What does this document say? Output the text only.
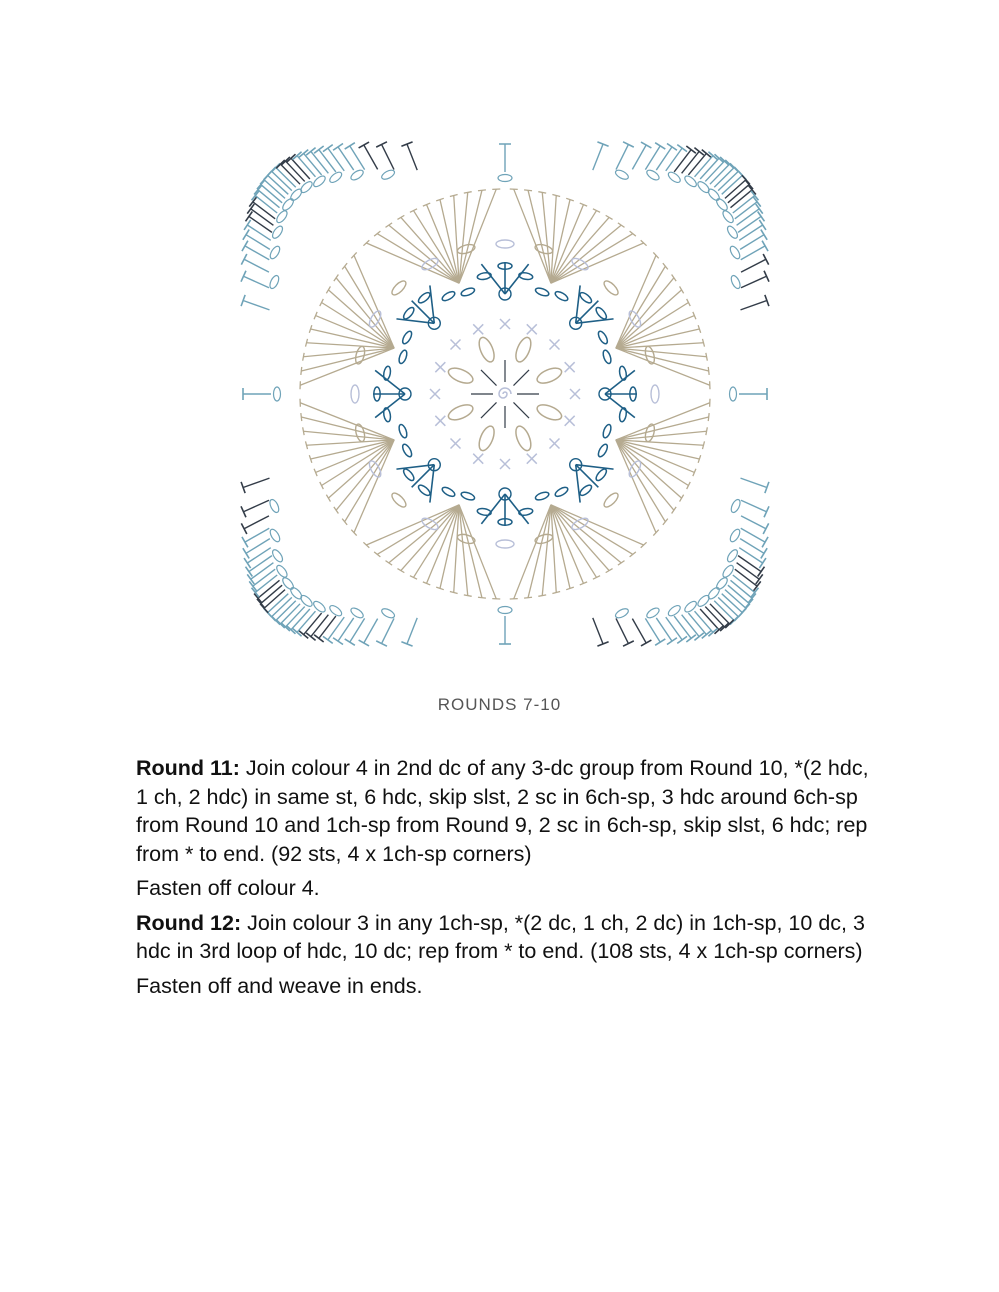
ROUNDS 7-10

Round 11: Join colour 4 in 2nd dc of any 3-dc group from Round 10, *(2 hdc, 1 ch, 2 hdc) in same st, 6 hdc, skip slst, 2 sc in 6ch-sp, 3 hdc around 6ch-sp from Round 10 and 1ch-sp from Round 9, 2 sc in 6ch-sp, skip slst, 6 hdc; rep from * to end. (92 sts, 4 x 1ch-sp corners)

Fasten off colour 4.

Round 12: Join colour 3 in any 1ch-sp, *(2 dc, 1 ch, 2 dc) in 1ch-sp, 10 dc, 3 hdc in 3rd loop of hdc, 10 dc; rep from * to end. (108 sts, 4 x 1ch-sp corners)

Fasten off and weave in ends.
